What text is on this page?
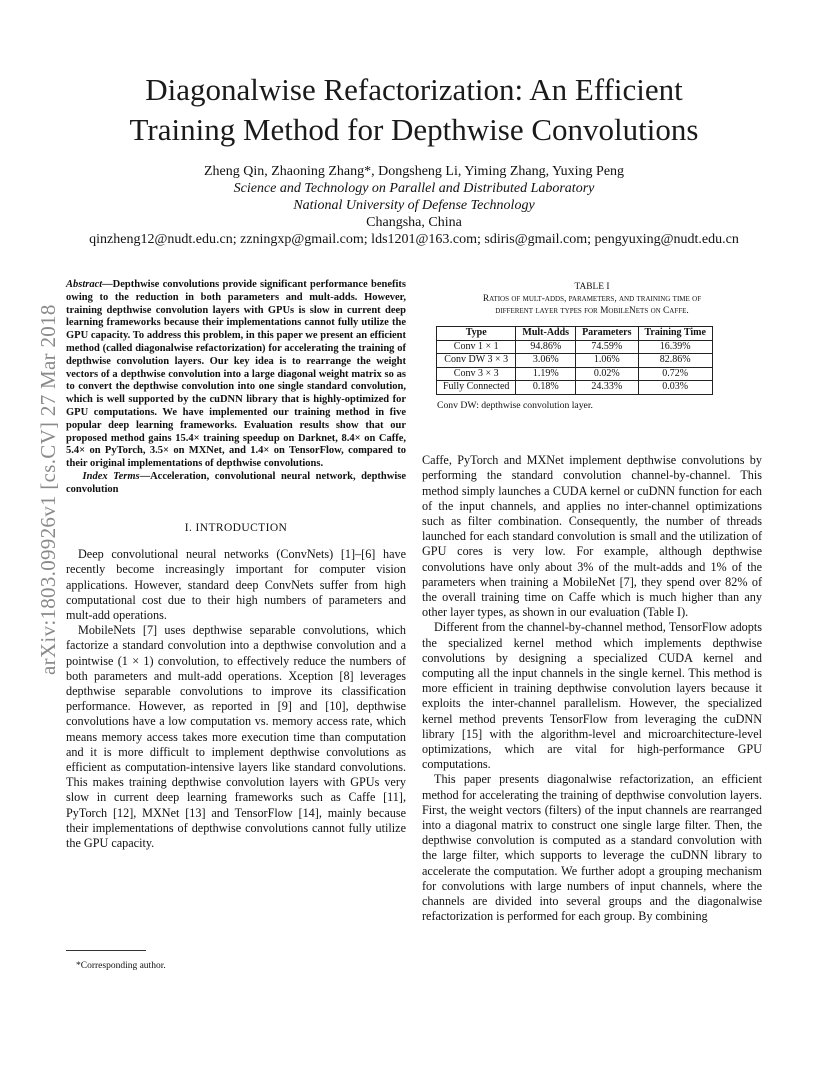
Diagonalwise Refactorization: An Efficient
Training Method for Depthwise Convolutions
Zheng Qin, Zhaoning Zhang*, Dongsheng Li, Yiming Zhang, Yuxing Peng
Science and Technology on Parallel and Distributed Laboratory
National University of Defense Technology
Changsha, China
qinzheng12@nudt.edu.cn; zzningxp@gmail.com; lds1201@163.com; sdiris@gmail.com; pengyuxing@nudt.edu.cn
arXiv:1803.09926v1 [cs.CV] 27 Mar 2018
Abstract—Depthwise convolutions provide significant performance benefits owing to the reduction in both parameters and mult-adds. However, training depthwise convolution layers with GPUs is slow in current deep learning frameworks because their implementations cannot fully utilize the GPU capacity. To address this problem, in this paper we present an efficient method (called diagonalwise refactorization) for accelerating the training of depthwise convolution layers. Our key idea is to rearrange the weight vectors of a depthwise convolution into a large diagonal weight matrix so as to convert the depthwise convolution into one single standard convolution, which is well supported by the cuDNN library that is highly-optimized for GPU computations. We have implemented our training method in five popular deep learning frameworks. Evaluation results show that our proposed method gains 15.4× training speedup on Darknet, 8.4× on Caffe, 5.4× on PyTorch, 3.5× on MXNet, and 1.4× on TensorFlow, compared to their original implementations of depthwise convolutions.
Index Terms—Acceleration, convolutional neural network, depthwise convolution
I. INTRODUCTION

Deep convolutional neural networks (ConvNets) [1]–[6] have recently become increasingly important for computer vision applications. However, standard deep ConvNets suffer from high computational cost due to their high numbers of parameters and mult-add operations.

MobileNets [7] uses depthwise separable convolutions, which factorize a standard convolution into a depthwise convolution and a pointwise (1 × 1) convolution, to effectively reduce the numbers of both parameters and mult-add operations. Xception [8] leverages depthwise separable convolutions to improve its classification performance. However, as reported in [9] and [10], depthwise convolutions have a low computation vs. memory access rate, which means memory access takes more execution time than computation and it is more difficult to implement depthwise convolutions as efficient as computation-intensive layers like standard convolutions. This makes training depthwise convolution layers with GPUs very slow in current deep learning frameworks such as Caffe [11], PyTorch [12], MXNet [13] and TensorFlow [14], mainly because their implementations of depthwise convolutions cannot fully utilize the GPU capacity.

*Corresponding author.
TABLE I
Ratios of mult-adds, parameters, and training time of
different layer types for MobileNets on Caffe.
Type	Mult-Adds	Parameters	Training Time
Conv 1 × 1	94.86%	74.59%	16.39%
Conv DW 3 × 3	3.06%	1.06%	82.86%
Conv 3 × 3	1.19%	0.02%	0.72%
Fully Connected	0.18%	24.33%	0.03%
Conv DW: depthwise convolution layer.

Caffe, PyTorch and MXNet implement depthwise convolutions by performing the standard convolution channel-by-channel. This method simply launches a CUDA kernel or cuDNN function for each of the input channels, and applies no inter-channel optimizations such as filter combination. Consequently, the number of threads launched for each standard convolution is small and the utilization of GPU cores is very low. For example, although depthwise convolutions have only about 3% of the mult-adds and 1% of the parameters when training a MobileNet [7], they spend over 82% of the overall training time on Caffe which is much higher than any other layer types, as shown in our evaluation (Table I).

Different from the channel-by-channel method, TensorFlow adopts the specialized kernel method which implements depthwise convolutions by designing a specialized CUDA kernel and computing all the input channels in the single kernel. This method is more efficient in training depthwise convolution layers because it exploits the inter-channel parallelism. However, the specialized kernel method prevents TensorFlow from leveraging the cuDNN library [15] with the algorithm-level and microarchitecture-level optimizations, which are vital for high-performance GPU computations.

This paper presents diagonalwise refactorization, an efficient method for accelerating the training of depthwise convolution layers. First, the weight vectors (filters) of the input channels are rearranged into a diagonal matrix to construct one single large filter. Then, the depthwise convolution is computed as a standard convolution with the large filter, which supports to leverage the cuDNN library to accelerate the computation. We further adopt a grouping mechanism for convolutions with large numbers of input channels, where the channels are divided into several groups and the diagonalwise refactorization is performed for each group. By combining
